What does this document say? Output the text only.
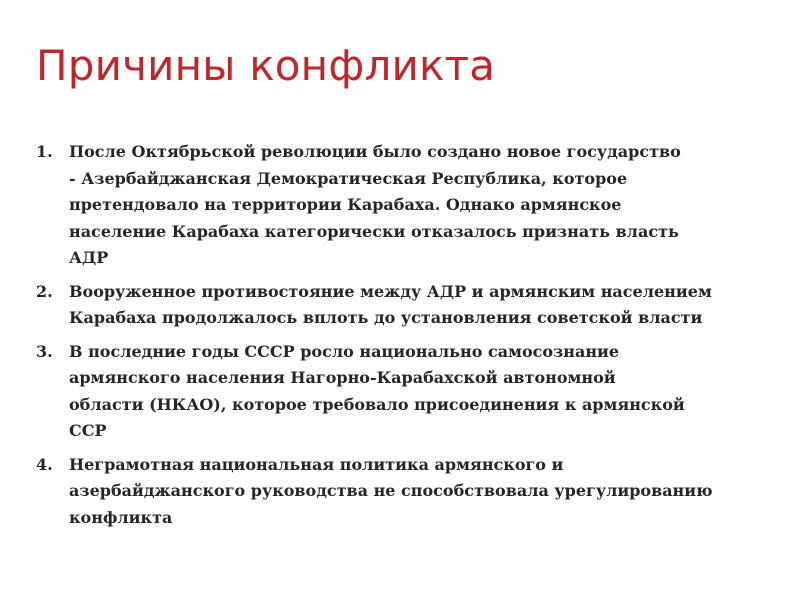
Причины конфликта
1.	После Октябрьской революции было создано новое государство
- Азербайджанская Демократическая Республика, которое
претендовало на территории Карабаха. Однако армянское
население Карабаха категорически отказалось признать власть
АДР
2.	Вооруженное противостояние между АДР и армянским населением
Карабаха продолжалось вплоть до установления советской власти
3.	В последние годы СССР росло национально самосознание
армянского населения Нагорно-Карабахской автономной
области (НКАО), которое требовало присоединения к армянской
ССР
4.	Неграмотная национальная политика армянского и
азербайджанского руководства не способствовала урегулированию
конфликта
